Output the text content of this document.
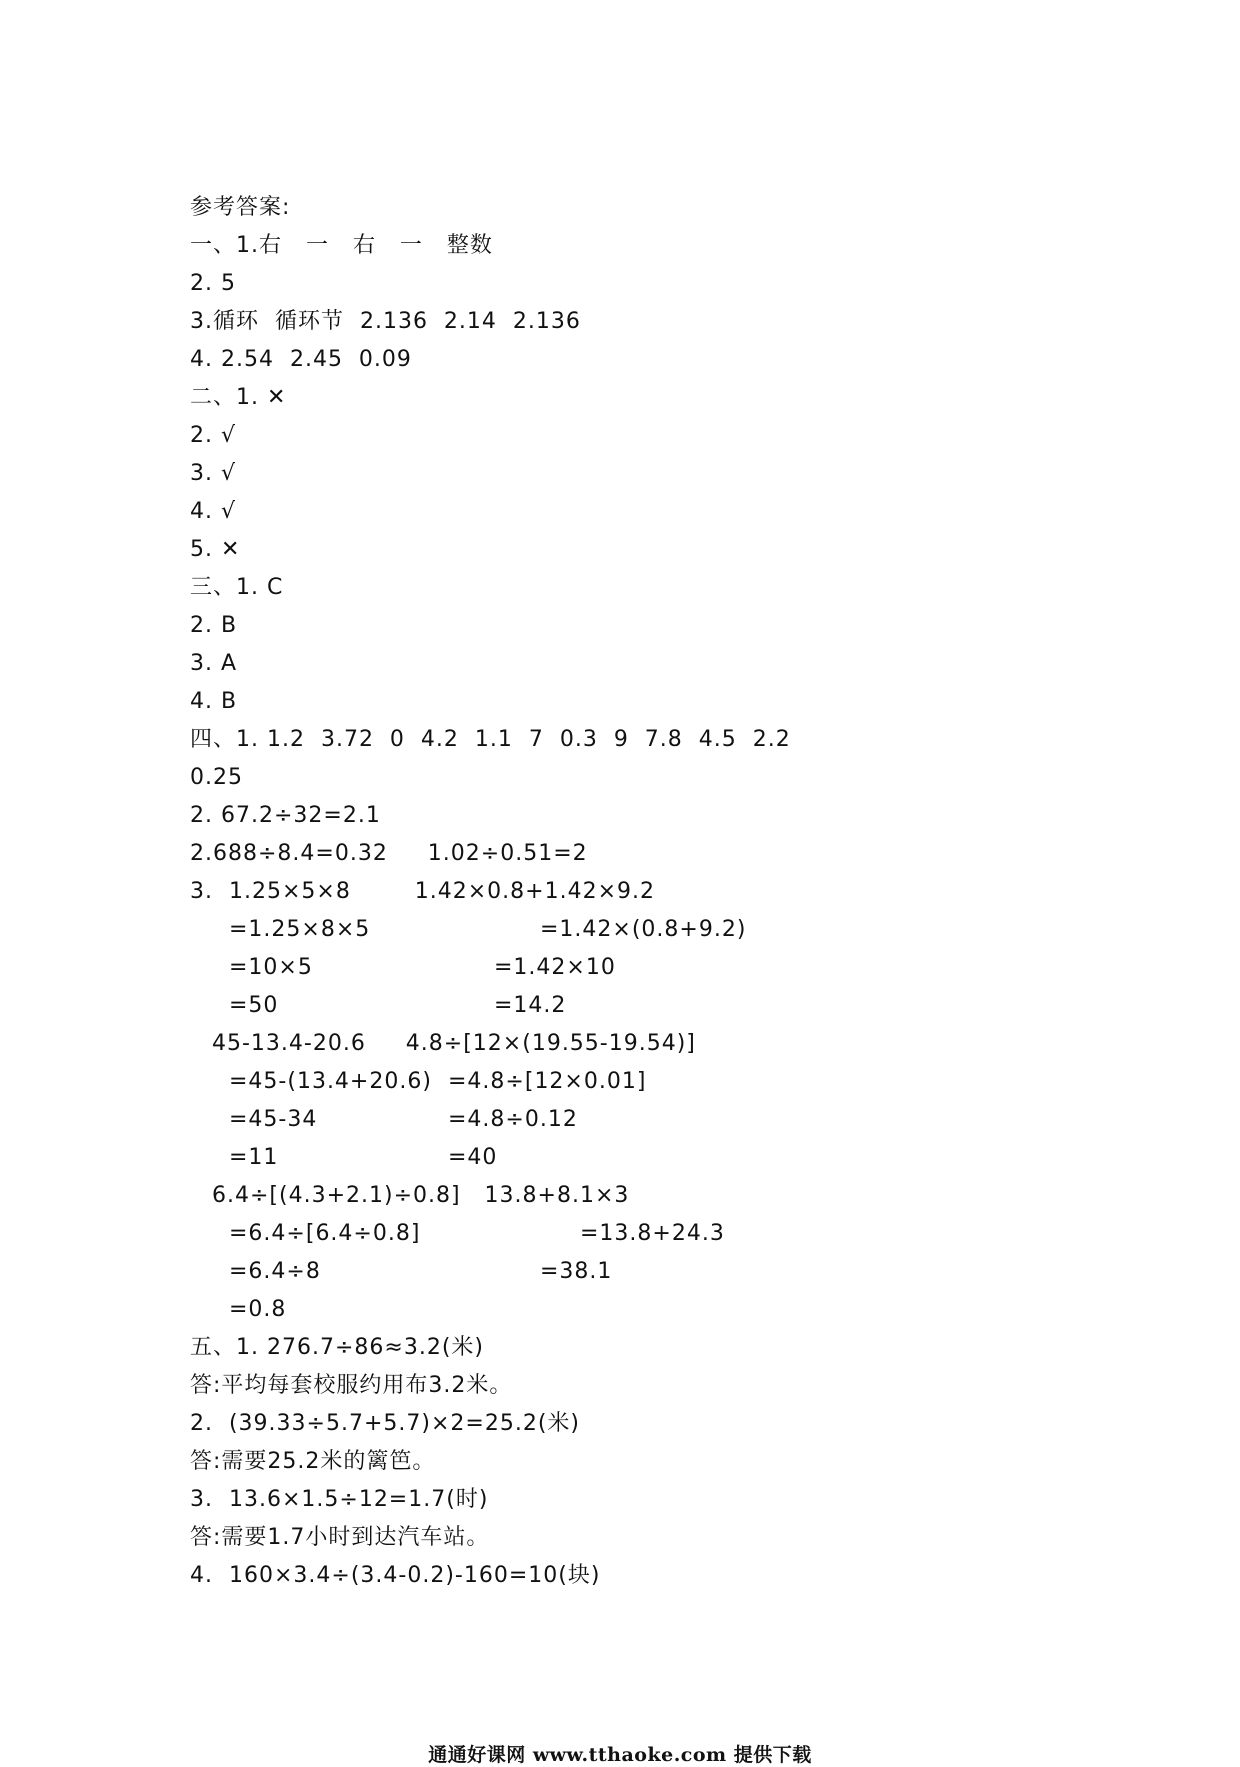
参考答案:
一、1.右   一   右   一   整数
2. 5
3.循环  循环节  2.136  2.14  2.136
4. 2.54  2.45  0.09
二、1. ✕
2. √
3. √
4. √
5. ✕
三、1. C
2. B
3. A
4. B
四、1. 1.2  3.72  0  4.2  1.1  7  0.3  9  7.8  4.5  2.2
0.25
2. 67.2÷32=2.1
2.688÷8.4=0.32     1.02÷0.51=2
3.  1.25×5×8        1.42×0.8+1.42×9.2
=1.25×8×5	=1.42×(0.8+9.2)
=10×5	=1.42×10
=50	=14.2
45-13.4-20.6     4.8÷[12×(19.55-19.54)]
=45-(13.4+20.6) =4.8÷[12×0.01]
=45-34	=4.8÷0.12
=11	=40
6.4÷[(4.3+2.1)÷0.8]   13.8+8.1×3
=6.4÷[6.4÷0.8]	=13.8+24.3
=6.4÷8	=38.1
=0.8
五、1. 276.7÷86≈3.2(米)
答:平均每套校服约用布3.2米。
2.  (39.33÷5.7+5.7)×2=25.2(米)
答:需要25.2米的篱笆。
3.  13.6×1.5÷12=1.7(时)
答:需要1.7小时到达汽车站。
4.  160×3.4÷(3.4-0.2)-160=10(块)
通通好课网 www.tthaoke.com 提供下载
